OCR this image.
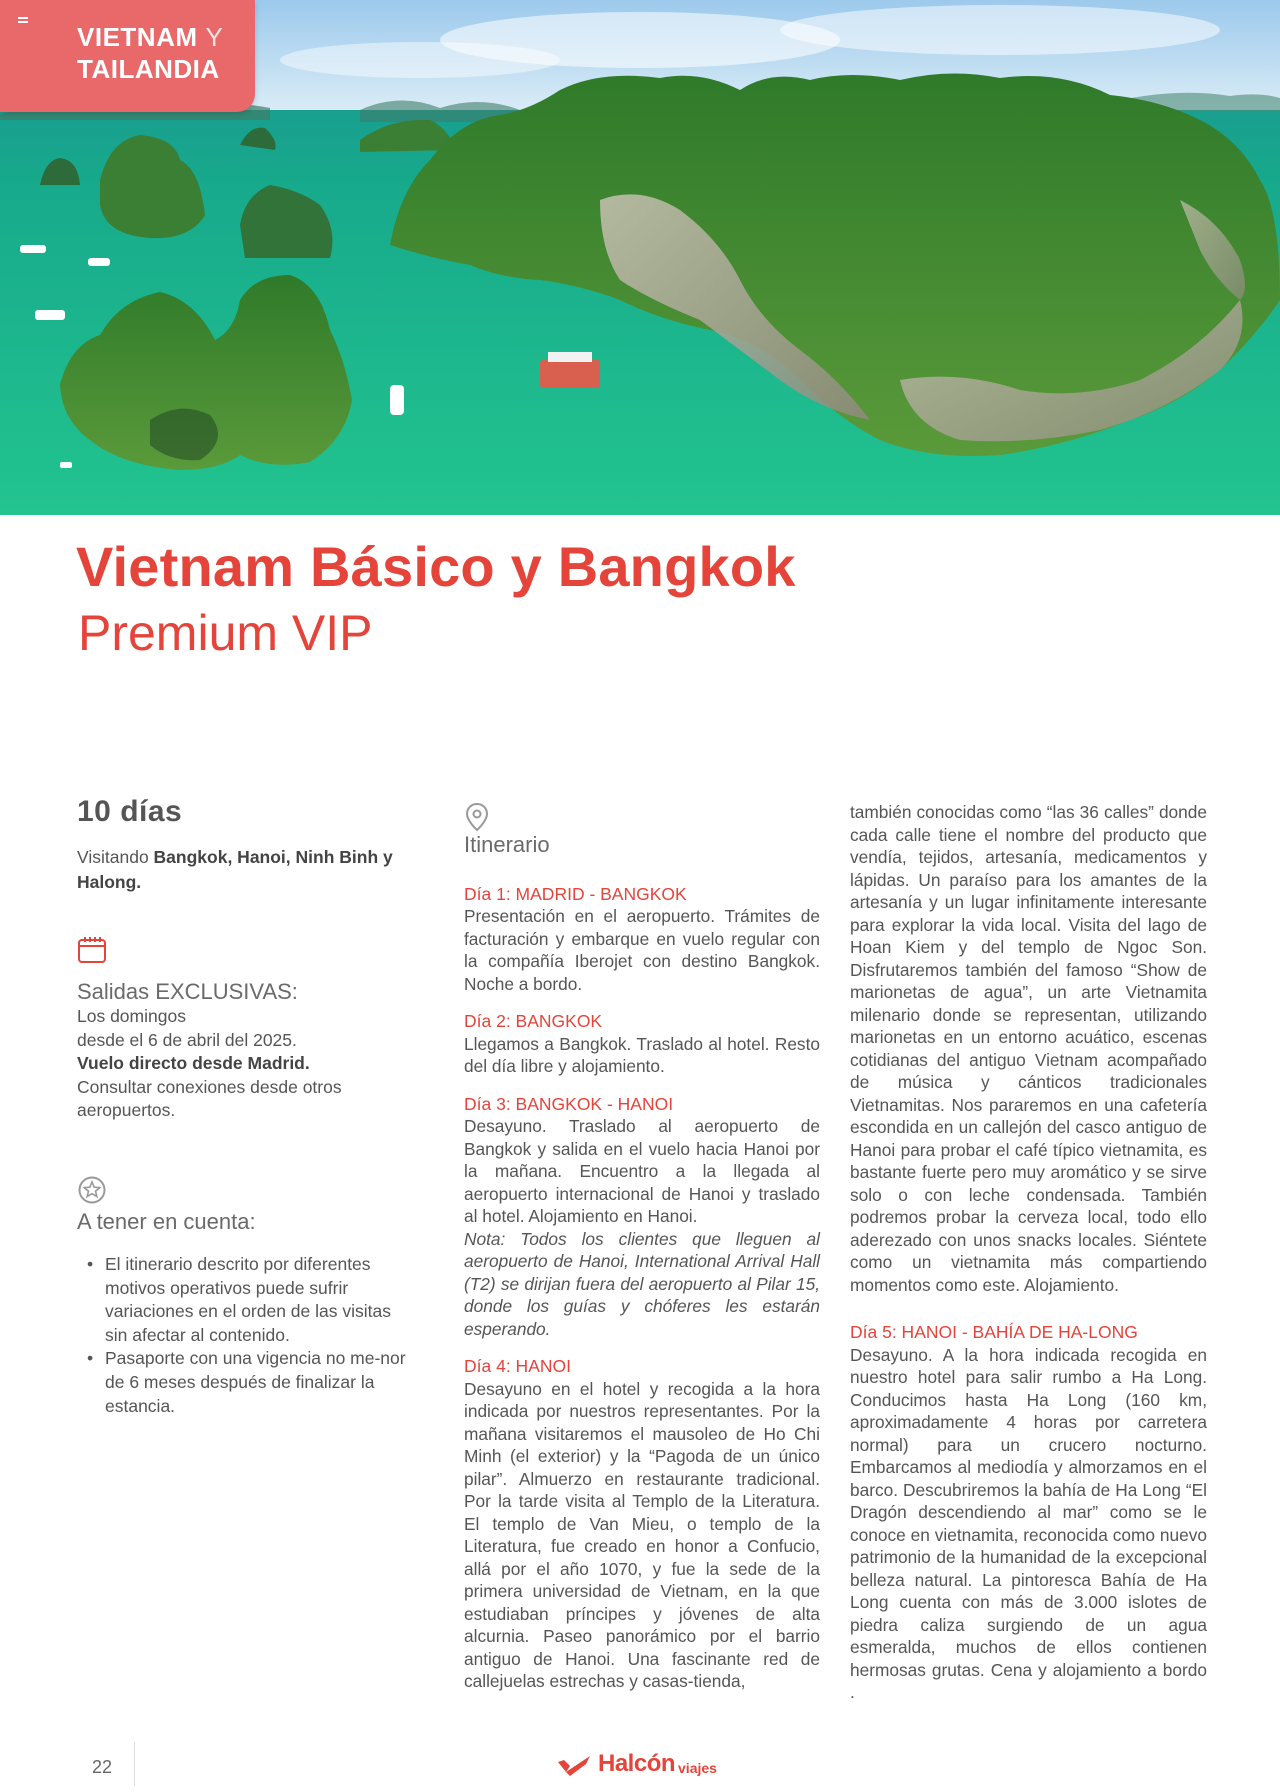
VIETNAM Y
TAILANDIA
Vietnam Básico y Bangkok
Premium VIP
10 días
Visitando Bangkok, Hanoi, Ninh Binh y Halong.
Salidas EXCLUSIVAS:
Los domingos
desde el 6 de abril del 2025.
Vuelo directo desde Madrid.
Consultar conexiones desde otros
aeropuertos.
A tener en cuenta:
• El itinerario descrito por diferentes motivos operativos puede sufrir variaciones en el orden de las visitas sin afectar al contenido.
• Pasaporte con una vigencia no me-nor de 6 meses después de finalizar la estancia.
Itinerario
Día 1: MADRID - BANGKOK

Presentación en el aeropuerto. Trámites de facturación y embarque en vuelo regular con la compañía Iberojet con destino Bangkok. Noche a bordo.

Día 2: BANGKOK

Llegamos a Bangkok. Traslado al hotel. Resto del día libre y alojamiento.

Día 3: BANGKOK - HANOI

Desayuno. Traslado al aeropuerto de Bangkok y salida en el vuelo hacia Hanoi por la mañana. Encuentro a la llegada al aeropuerto internacional de Hanoi y traslado al hotel. Alojamiento en Hanoi.

Nota: Todos los clientes que lleguen al aeropuerto de Hanoi, International Arrival Hall (T2) se dirijan fuera del aeropuerto al Pilar 15, donde los guías y chóferes les estarán esperando.

Día 4: HANOI

Desayuno en el hotel y recogida a la hora indicada por nuestros representantes. Por la mañana visitaremos el mausoleo de Ho Chi Minh (el exterior) y la “Pagoda de un único pilar”. Almuerzo en restaurante tradicional. Por la tarde visita al Templo de la Literatura. El templo de Van Mieu, o templo de la Literatura, fue creado en honor a Confucio, allá por el año 1070, y fue la sede de la primera universidad de Vietnam, en la que estudiaban príncipes y jóvenes de alta alcurnia. Paseo panorámico por el barrio antiguo de Hanoi. Una fascinante red de callejuelas estrechas y casas-tienda,

también conocidas como “las 36 calles” donde cada calle tiene el nombre del producto que vendía, tejidos, artesanía, medicamentos y lápidas. Un paraíso para los amantes de la artesanía y un lugar infinitamente interesante para explorar la vida local. Visita del lago de Hoan Kiem y del templo de Ngoc Son. Disfrutaremos también del famoso “Show de marionetas de agua”, un arte Vietnamita milenario donde se representan, utilizando marionetas en un entorno acuático, escenas cotidianas del antiguo Vietnam acompañado de música y cánticos tradicionales Vietnamitas. Nos pararemos en una cafetería escondida en un callejón del casco antiguo de Hanoi para probar el café típico vietnamita, es bastante fuerte pero muy aromático y se sirve solo o con leche condensada. También podremos probar la cerveza local, todo ello aderezado con unos snacks locales. Siéntete como un vietnamita más compartiendo momentos como este. Alojamiento.

Día 5: HANOI - BAHÍA DE HA-LONG

Desayuno. A la hora indicada recogida en nuestro hotel para salir rumbo a Ha Long. Conducimos hasta Ha Long (160 km, aproximadamente 4 horas por carretera normal) para un crucero nocturno. Embarcamos al mediodía y almorzamos en el barco. Descubriremos la bahía de Ha Long “El Dragón descendiendo al mar” como se le conoce en vietnamita, reconocida como nuevo patrimonio de la humanidad de la excepcional belleza natural. La pintoresca Bahía de Ha Long cuenta con más de 3.000 islotes de piedra caliza surgiendo de un agua esmeralda, muchos de ellos contienen hermosas grutas. Cena y alojamiento a bordo .

22	Halcón viajes
